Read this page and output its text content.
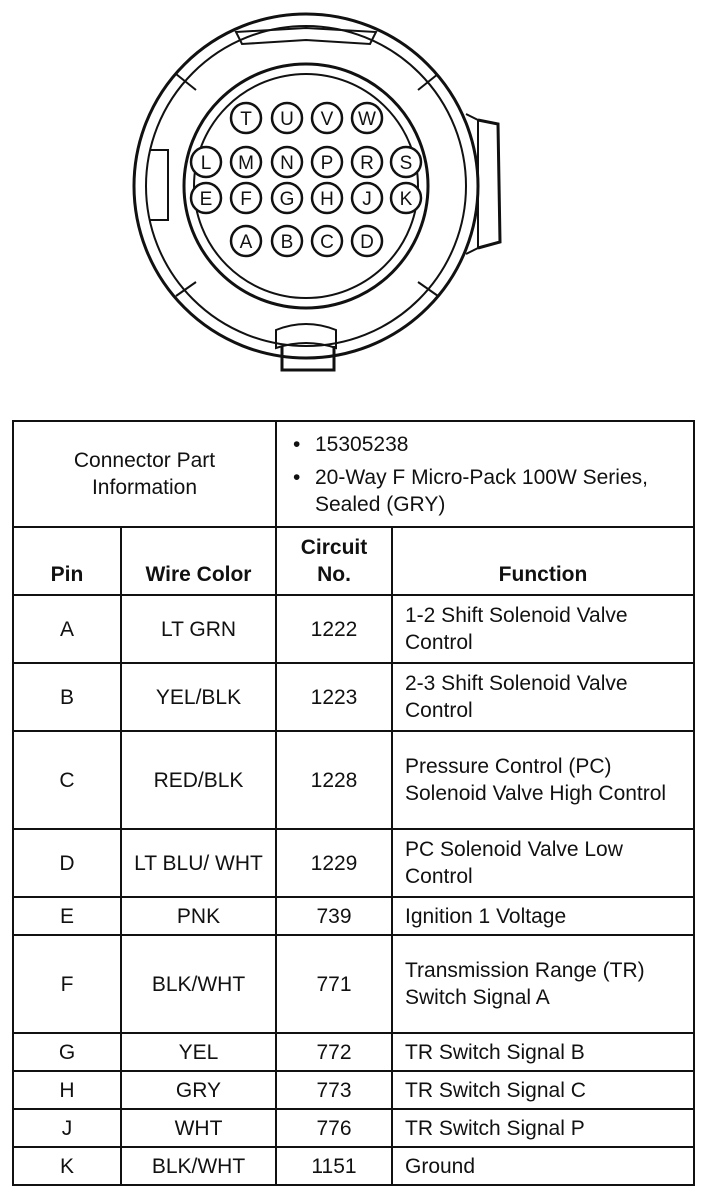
T U V W
L M N P R S
E F G H J K
A B C D
Connector Part Information		• 15305238
• 20-Way F Micro-Pack 100W Series, Sealed (GRY)	

Pin	Wire Color	Circuit No.	Function
A	LT GRN	1222	1-2 Shift Solenoid Valve Control
B	YEL/BLK	1223	2-3 Shift Solenoid Valve Control
C	RED/BLK	1228	Pressure Control (PC) Solenoid Valve High Control
D	LT BLU/ WHT	1229	PC Solenoid Valve Low Control
E	PNK	739	Ignition 1 Voltage
F	BLK/WHT	771	Transmission Range (TR) Switch Signal A
G	YEL	772	TR Switch Signal B
H	GRY	773	TR Switch Signal C
J	WHT	776	TR Switch Signal P
K	BLK/WHT	1151	Ground
